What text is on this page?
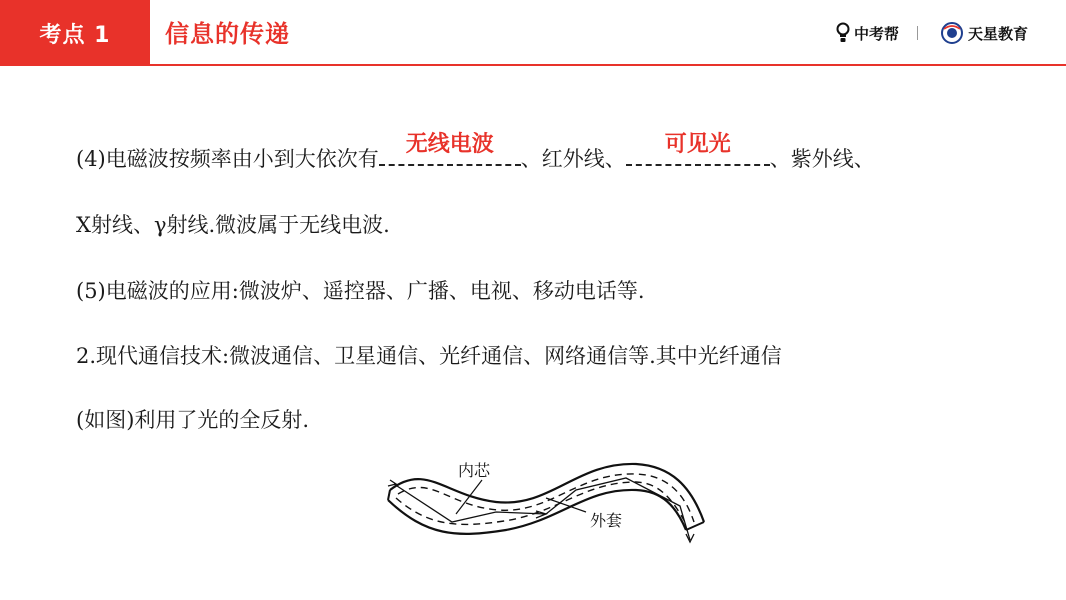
考点 1	信息的传递	中考帮	天星教育
(4)电磁波按频率由小到大依次有
无线电波
、红外线、
可见光
、紫外线、
X射线、γ射线.微波属于无线电波.
(5)电磁波的应用:微波炉、遥控器、广播、电视、移动电话等.
2.现代通信技术:微波通信、卫星通信、光纤通信、网络通信等.其中光纤通信
(如图)利用了光的全反射.
内芯
外套
